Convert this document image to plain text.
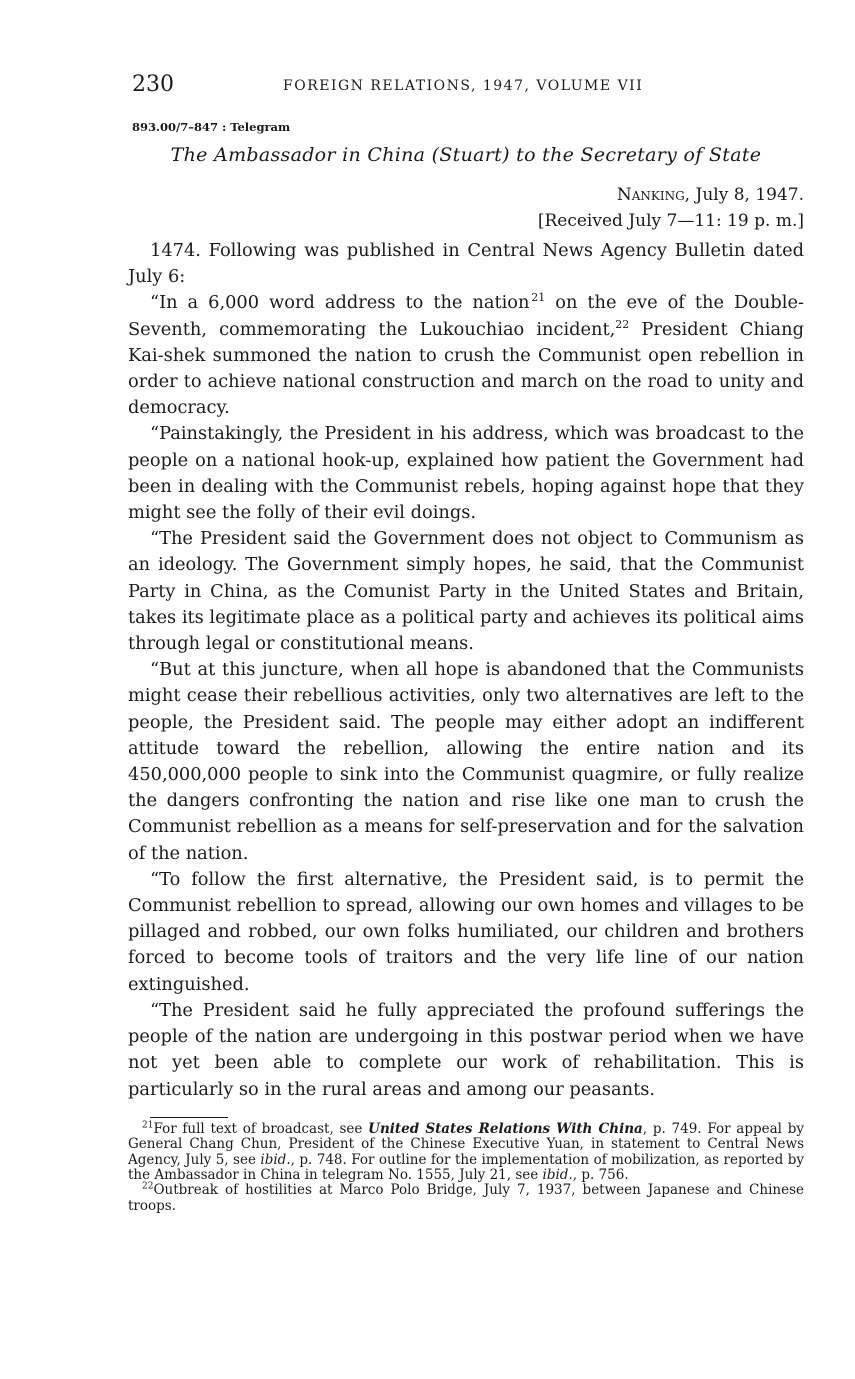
230	FOREIGN RELATIONS, 1947, VOLUME VII
893.00/7–847 : Telegram
The Ambassador in China (Stuart) to the Secretary of State
Nanking, July 8, 1947.
[Received July 7—11: 19 p. m.]

1474. Following was published in Central News Agency Bulletin dated July 6:

“In a 6,000 word address to the nation  $^{21}$ on the eve of the Double-Seventh, commemorating the Lukouchiao incident,$^{22}$ President Chiang Kai-shek summoned the nation to crush the Communist open rebellion in order to achieve national construction and march on the road to unity and democracy.

“Painstakingly, the President in his address, which was broadcast to the people on a national hook-up, explained how patient the Government had been in dealing with the Communist rebels, hoping against hope that they might see the folly of their evil doings.

“The President said the Government does not object to Communism as an ideology. The Government simply hopes, he said, that the Communist Party in China, as the Comunist Party in the United States and Britain, takes its legitimate place as a political party and achieves its political aims through legal or constitutional means.

“But at this juncture, when all hope is abandoned that the Communists might cease their rebellious activities, only two alternatives are left to the people, the President said. The people may either adopt an indifferent attitude toward the rebellion, allowing the entire nation and its 450,000,000 people to sink into the Communist quagmire, or fully realize the dangers confronting the nation and rise like one man to crush the Communist rebellion as a means for self-preservation and for the salvation of the nation.

“To follow the first alternative, the President said, is to permit the Communist rebellion to spread, allowing our own homes and villages to be pillaged and robbed, our own folks humiliated, our children and brothers forced to become tools of traitors and the very life line of our nation extinguished.

“The President said he fully appreciated the profound sufferings the people of the nation are undergoing in this postwar period when we have not yet been able to complete our work of rehabilitation. This is particularly so in the rural areas and among our peasants.

$^{21}$For full text of broadcast, see United States Relations With China, p. 749. For appeal by General Chang Chun, President of the Chinese Executive Yuan, in statement to Central News Agency, July 5, see ibid., p. 748. For outline for the implementation of mobilization, as reported by the Ambassador in China in telegram No. 1555, July 21, see ibid., p. 756.

$^{22}$Outbreak of hostilities at Marco Polo Bridge, July 7, 1937, between Japanese and Chinese troops.
